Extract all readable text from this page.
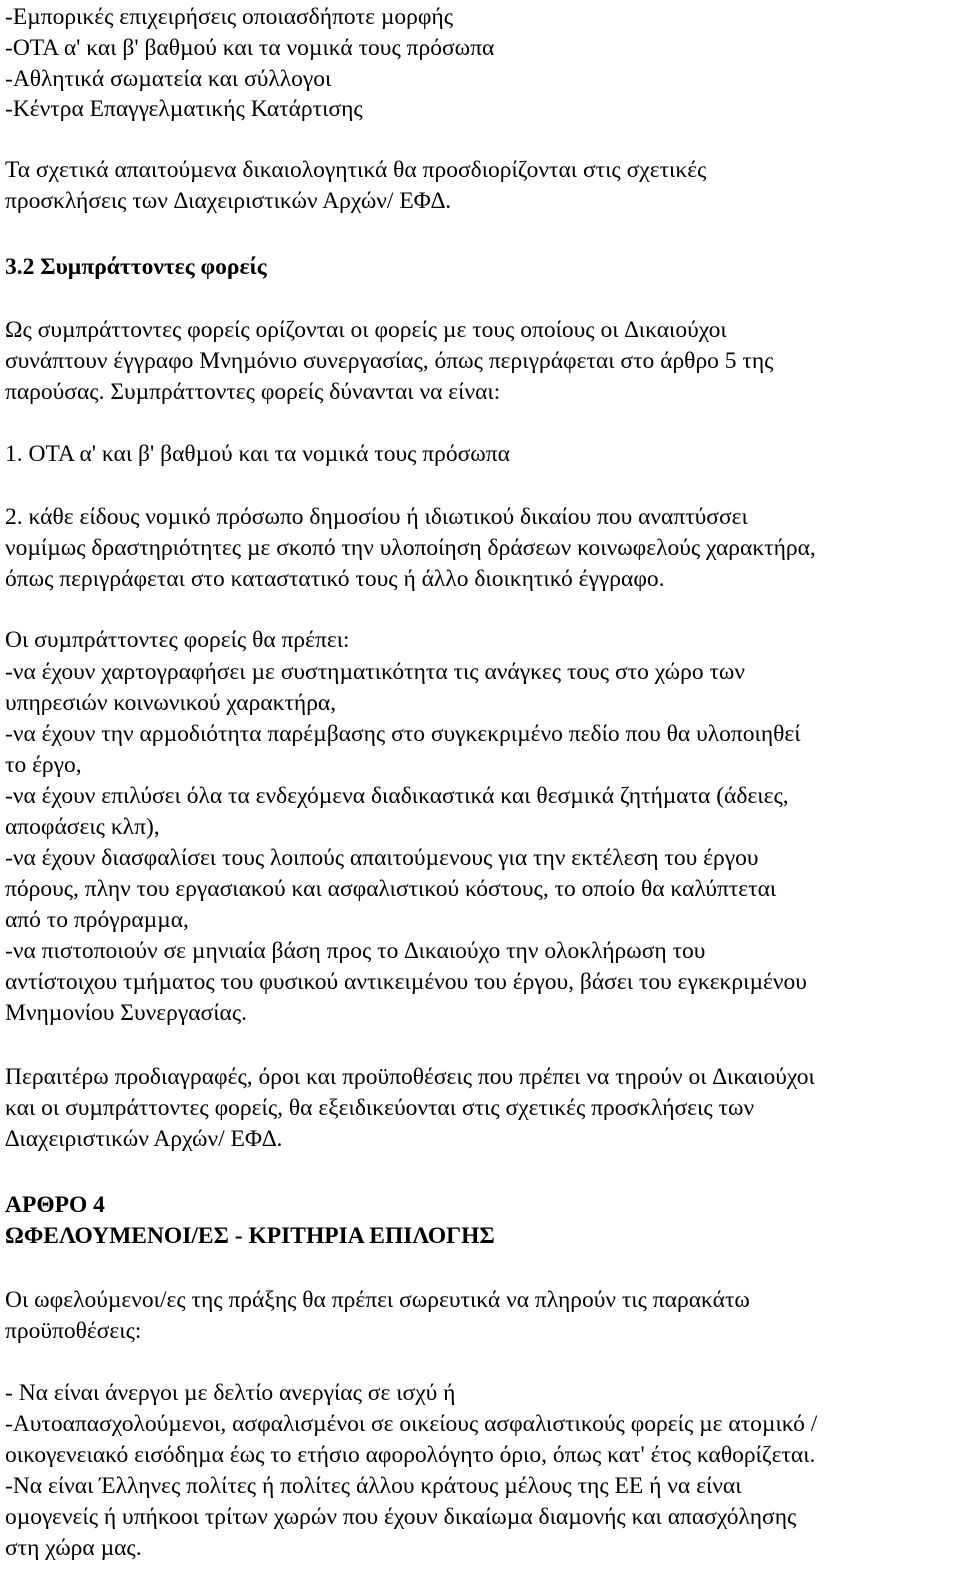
-Εµπορικές επιχειρήσεις οποιασδήποτε µορφής
-ΟΤΑ α' και β' βαθµού και τα νοµικά τους πρόσωπα
-Αθλητικά σωµατεία και σύλλογοι
-Κέντρα Επαγγελµατικής Κατάρτισης
Τα σχετικά απαιτούµενα δικαιολογητικά θα προσδιορίζονται στις σχετικές
προσκλήσεις των ∆ιαχειριστικών Αρχών/ ΕΦ∆.
3.2 Συµπράττοντες φορείς
Ως συµπράττοντες φορείς ορίζονται οι φορείς µε τους οποίους οι ∆ικαιούχοι
συνάπτουν έγγραφο Μνηµόνιο συνεργασίας, όπως περιγράφεται στο άρθρο 5 της
παρούσας. Συµπράττοντες φορείς δύνανται να είναι:
1. ΟΤΑ α' και β' βαθµού και τα νοµικά τους πρόσωπα
2. κάθε είδους νοµικό πρόσωπο δηµοσίου ή ιδιωτικού δικαίου που αναπτύσσει
νοµίµως δραστηριότητες µε σκοπό την υλοποίηση δράσεων κοινωφελούς χαρακτήρα,
όπως περιγράφεται στο καταστατικό τους ή άλλο διοικητικό έγγραφο.
Οι συµπράττοντες φορείς θα πρέπει:
-να έχουν χαρτογραφήσει µε συστηµατικότητα τις ανάγκες τους στο χώρο των
υπηρεσιών κοινωνικού χαρακτήρα,
-να έχουν την αρµοδιότητα παρέµβασης στο συγκεκριµένο πεδίο που θα υλοποιηθεί
το έργο,
-να έχουν επιλύσει όλα τα ενδεχόµενα διαδικαστικά και θεσµικά ζητήµατα (άδειες,
αποφάσεις κλπ),
-να έχουν διασφαλίσει τους λοιπούς απαιτούµενους για την εκτέλεση του έργου
πόρους, πλην του εργασιακού και ασφαλιστικού κόστους, το οποίο θα καλύπτεται
από το πρόγραµµα,
-να πιστοποιούν σε µηνιαία βάση προς το ∆ικαιούχο την ολοκλήρωση του
αντίστοιχου τµήµατος του φυσικού αντικειµένου του έργου, βάσει του εγκεκριµένου
Μνηµονίου Συνεργασίας.
Περαιτέρω προδιαγραφές, όροι και προϋποθέσεις που πρέπει να τηρούν οι ∆ικαιούχοι
και οι συµπράττοντες φορείς, θα εξειδικεύονται στις σχετικές προσκλήσεις των
∆ιαχειριστικών Αρχών/ ΕΦ∆.
ΑΡΘΡΟ 4
ΩΦΕΛΟΥΜΕΝΟΙ/ΕΣ - ΚΡΙΤΗΡΙΑ ΕΠΙΛΟΓΗΣ
Οι ωφελούµενοι/ες της πράξης θα πρέπει σωρευτικά να πληρούν τις παρακάτω
προϋποθέσεις:
- Να είναι άνεργοι µε δελτίο ανεργίας σε ισχύ ή
-Αυτοαπασχολούµενοι, ασφαλισµένοι σε οικείους ασφαλιστικούς φορείς µε ατοµικό /
οικογενειακό εισόδηµα έως το ετήσιο αφορολόγητο όριο, όπως κατ' έτος καθορίζεται.
-Να είναι Έλληνες πολίτες ή πολίτες άλλου κράτους µέλους της ΕΕ ή να είναι
οµογενείς ή υπήκοοι τρίτων χωρών που έχουν δικαίωµα διαµονής και απασχόλησης
στη χώρα µας.
